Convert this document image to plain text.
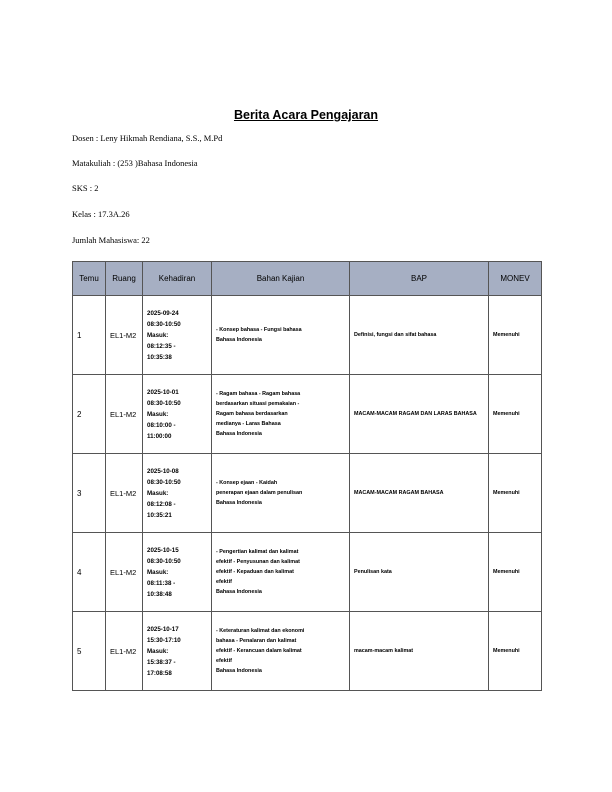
Berita Acara Pengajaran
Dosen : Leny Hikmah Rendiana, S.S., M.Pd
Matakuliah : (253 )Bahasa Indonesia
SKS : 2
Kelas : 17.3A.26
Jumlah Mahasiswa: 22
Temu	Ruang	Kehadiran	Bahan Kajian	BAP	MONEV
1	EL1-M2	2025-09-24
08:30-10:50
Masuk:
08:12:35 -
10:35:38	- Konsep bahasa - Fungsi bahasa
Bahasa Indonesia	Definisi, fungsi dan sifat bahasa	Memenuhi
2	EL1-M2	2025-10-01
08:30-10:50
Masuk:
08:10:00 -
11:00:00	- Ragam bahasa - Ragam bahasa
berdasarkan situasi pemakaian -
Ragam bahasa berdasarkan
medianya - Laras Bahasa
Bahasa Indonesia	MACAM-MACAM RAGAM DAN LARAS BAHASA	Memenuhi
3	EL1-M2	2025-10-08
08:30-10:50
Masuk:
08:12:08 -
10:35:21	- Konsep ejaan - Kaidah
penerapan ejaan dalam penulisan
Bahasa Indonesia	MACAM-MACAM RAGAM BAHASA	Memenuhi
4	EL1-M2	2025-10-15
08:30-10:50
Masuk:
08:11:38 -
10:38:48	- Pengertian kalimat dan kalimat
efektif - Penyusunan dan kalimat
efektif - Kepaduan dan kalimat
efektif
Bahasa Indonesia	Penulisan kata	Memenuhi
5	EL1-M2	2025-10-17
15:30-17:10
Masuk:
15:38:37 -
17:08:58	- Keteraturan kalimat dan ekonomi
bahasa - Penalaran dan kalimat
efektif - Kerancuan dalam kalimat
efektif
Bahasa Indonesia	macam-macam kalimat	Memenuhi
